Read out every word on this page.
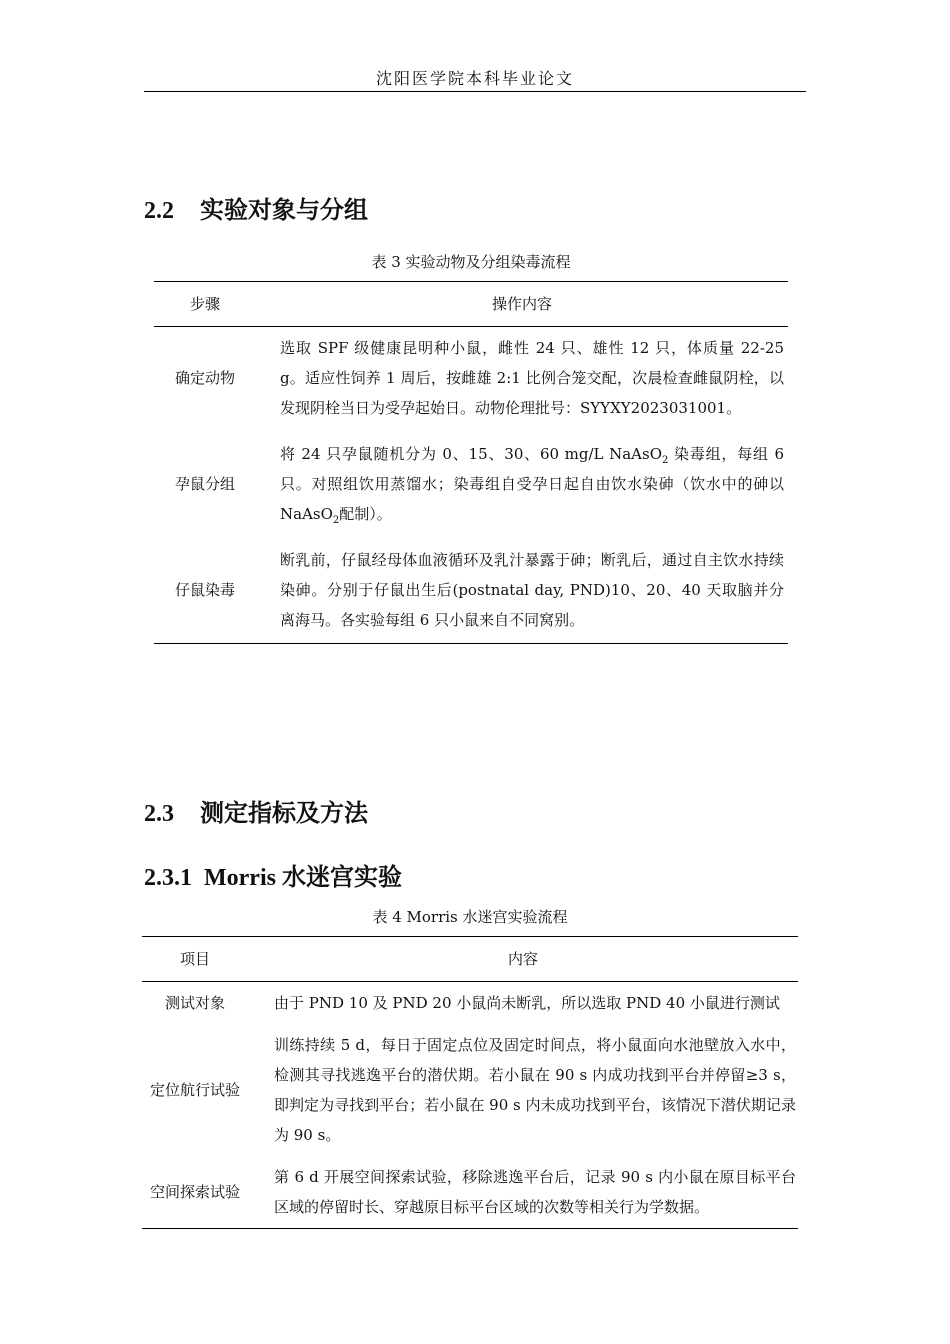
沈阳医学院本科毕业论文
2.2 实验对象与分组
表 3 实验动物及分组染毒流程
步骤	操作内容
确定动物	选取 SPF 级健康昆明种小鼠，雌性 24 只、雄性 12 只，体质量 22-25 g。适应性饲养 1 周后，按雌雄 2:1 比例合笼交配，次晨检查雌鼠阴栓，以发现阴栓当日为受孕起始日。动物伦理批号：SYYXY2023031001。
孕鼠分组	将 24 只孕鼠随机分为 0、15、30、60 mg/L NaAsO$_2$ 染毒组，每组 6 只。对照组饮用蒸馏水；染毒组自受孕日起自由饮水染砷（饮水中的砷以 NaAsO$_2$配制）。
仔鼠染毒	断乳前，仔鼠经母体血液循环及乳汁暴露于砷；断乳后，通过自主饮水持续染砷。分别于仔鼠出生后(postnatal day, PND)10、20、40 天取脑并分离海马。各实验每组 6 只小鼠来自不同窝别。
2.3 测定指标及方法
2.3.1 Morris 水迷宫实验
表 4 Morris 水迷宫实验流程
项目	内容
测试对象	由于 PND 10 及 PND 20 小鼠尚未断乳，所以选取 PND 40 小鼠进行测试
定位航行试验	训练持续 5 d，每日于固定点位及固定时间点，将小鼠面向水池壁放入水中，检测其寻找逃逸平台的潜伏期。若小鼠在 90 s 内成功找到平台并停留≥3 s，即判定为寻找到平台；若小鼠在 90 s 内未成功找到平台，该情况下潜伏期记录为 90 s。
空间探索试验	第 6 d 开展空间探索试验，移除逃逸平台后，记录 90 s 内小鼠在原目标平台区域的停留时长、穿越原目标平台区域的次数等相关行为学数据。
